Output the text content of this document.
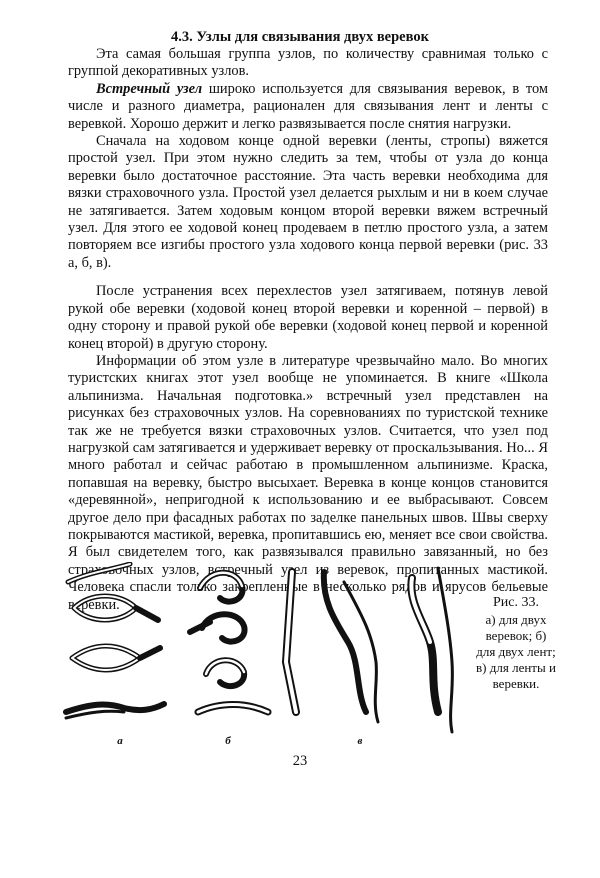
4.3. Узлы для связывания двух веревок

Эта самая большая группа узлов, по количеству сравнимая только с группой декоративных узлов.

Встречный узел широко используется для связывания веревок, в том числе и разного диаметра, рационален для связывания лент и ленты с веревкой. Хорошо держит и легко развязывается после снятия нагрузки.

Сначала на ходовом конце одной веревки (ленты, стропы) вяжется простой узел. При этом нужно следить за тем, чтобы от узла до конца веревки было достаточное расстояние. Эта часть веревки необходима для вязки страховочного узла. Простой узел делается рыхлым и ни в коем случае не затягивается. Затем ходовым концом второй веревки вяжем встречный узел. Для этого ее ходовой конец продеваем в петлю простого узла, а затем повторяем все изгибы простого узла ходового конца первой веревки (рис. 33 а, б, в).

После устранения всех перехлестов узел затягиваем, потянув левой рукой обе веревки (ходовой конец второй веревки и коренной – первой) в одну сторону и правой рукой обе веревки (ходовой конец первой и коренной конец второй) в другую сторону.

Информации об этом узле в литературе чрезвычайно мало. Во многих туристских книгах этот узел вообще не упоминается. В книге «Школа альпинизма. Начальная подготовка.» встречный узел представлен на рисунках без страховочных узлов. На соревнованиях по туристской технике так же не требуется вязки страховочных узлов. Считается, что узел под нагрузкой сам затягивается и удерживает веревку от проскальзывания. Но... Я много работал и сейчас работаю в промышленном альпинизме. Краска, попавшая на веревку, быстро высыхает. Веревка в конце концов становится «деревянной», непригодной к использованию и ее выбрасывают. Совсем другое дело при фасадных работах по заделке панельных швов. Швы сверху покрываются мастикой, веревка, пропитавшись ею, меняет все свои свойства. Я был свидетелем того, как развязывался правильно завязанный, но без страховочных узлов, встречный узел из веревок, пропитанных мастикой. Человека спасли только закрепленные в несколько рядов и ярусов бельевые веревки.

а	б	в
Рис. 33.
а) для двух веревок; б) для двух лент; в) для ленты и веревки.
23
